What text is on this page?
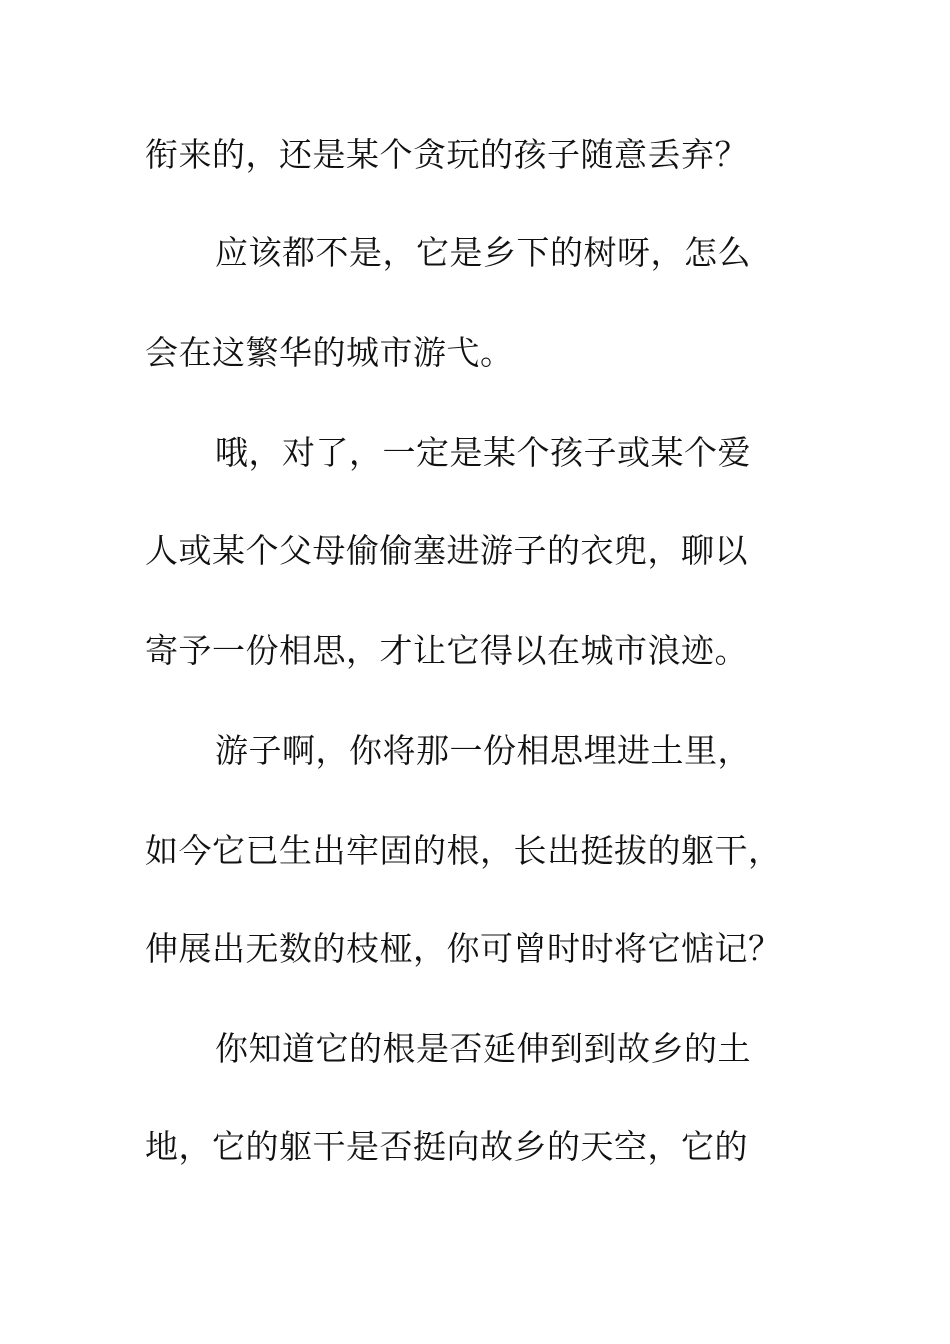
衔来的，还是某个贪玩的孩子随意丢弃？

应该都不是，它是乡下的树呀，怎么

会在这繁华的城市游弋。

哦，对了，一定是某个孩子或某个爱

人或某个父母偷偷塞进游子的衣兜，聊以

寄予一份相思，才让它得以在城市浪迹。

游子啊，你将那一份相思埋进土里，

如今它已生出牢固的根，长出挺拔的躯干，

伸展出无数的枝桠，你可曾时时将它惦记？

你知道它的根是否延伸到到故乡的土

地，它的躯干是否挺向故乡的天空，它的
